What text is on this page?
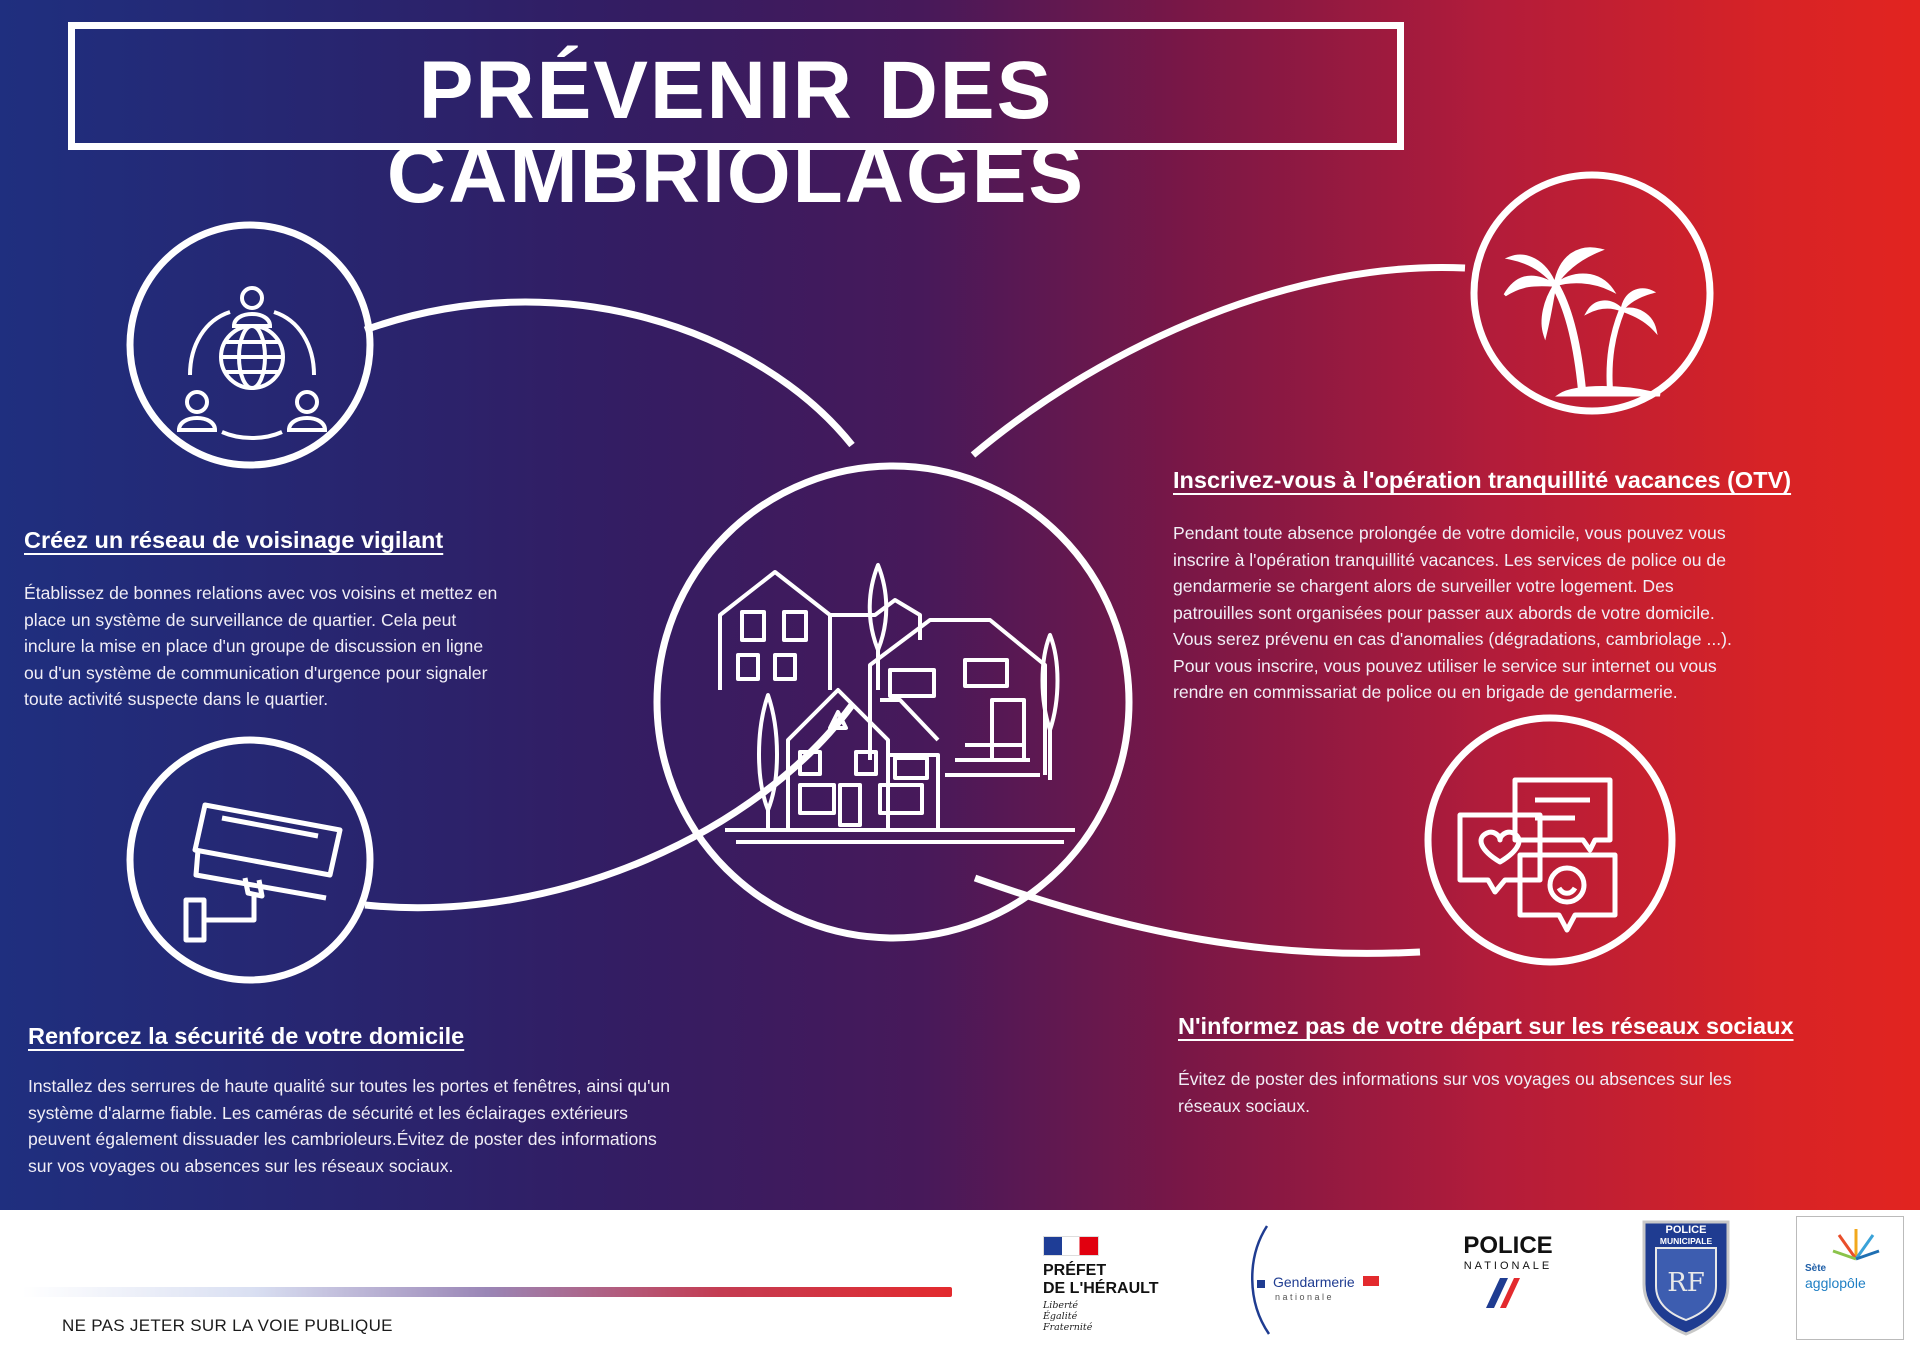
PRÉVENIR DES CAMBRIOLAGES
Créez un réseau de voisinage vigilant
Établissez de bonnes relations avec vos voisins et mettez en
place un système de surveillance de quartier. Cela peut
inclure la mise en place d'un groupe de discussion en ligne
ou d'un système de communication d'urgence pour signaler
toute activité suspecte dans le quartier.
Renforcez la sécurité de votre domicile
Installez des serrures de haute qualité sur toutes les portes et fenêtres, ainsi qu'un
système d'alarme fiable. Les caméras de sécurité et les éclairages extérieurs
peuvent également dissuader les cambrioleurs.Évitez de poster des informations
sur vos voyages ou absences sur les réseaux sociaux.
Inscrivez-vous à l'opération tranquillité vacances (OTV)
Pendant toute absence prolongée de votre domicile, vous pouvez vous
inscrire à l'opération tranquillité vacances. Les services de police ou de
gendarmerie se chargent alors de surveiller votre logement. Des
patrouilles sont organisées pour passer aux abords de votre domicile.
Vous serez prévenu en cas d'anomalies (dégradations, cambriolage ...).
Pour vous inscrire, vous pouvez utiliser le service sur internet ou vous
rendre en commissariat de police ou en brigade de gendarmerie.
N'informez pas de votre départ sur les réseaux sociaux
Évitez de poster des informations sur vos voyages ou absences sur les
réseaux sociaux.
NE PAS JETER SUR LA VOIE PUBLIQUE
PRÉFET
DE L'HÉRAULT
Liberté
Égalité
Fraternité
Gendarmerie
nationale
POLICE
NATIONALE
POLICE
MUNICIPALE
RF	Sète
agglopôle
